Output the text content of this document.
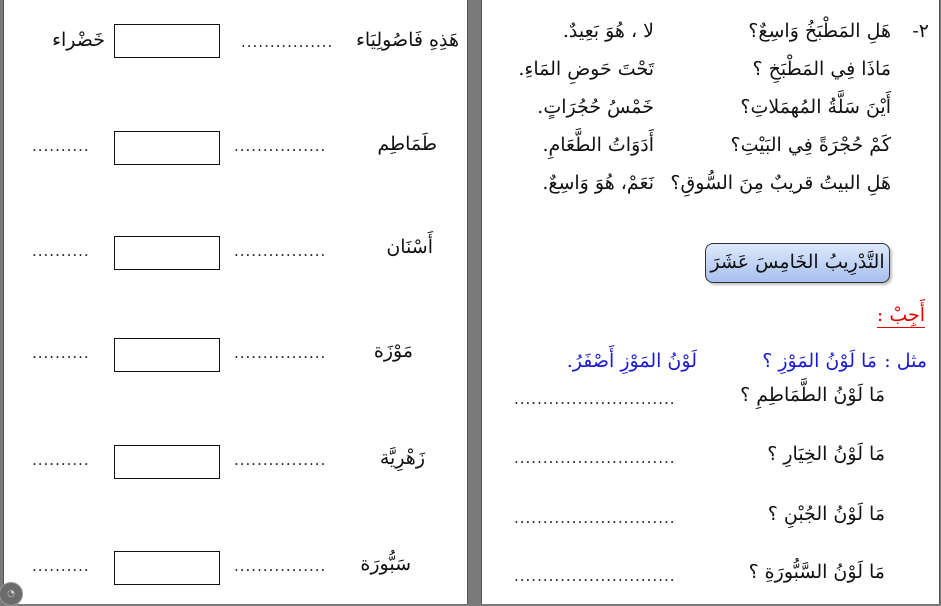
هَذِهِ فَاصُولِيَاء
................
خَضْراء
طَمَاطِم
................
..........
أَسْنَان
................
..........
مَوْزَة
................
..........
زَهْرِيَّة
................
..........
سَبُّورَة
................
..........
٢-
هَلِ المَطْبَخُ وَاسِعٌ؟
لا ، هُوَ بَعِيدٌ.
مَاذَا فِي المَطْبَخِ ؟
تَحْتَ حَوضِ المَاءِ.
أَيْنَ سَلَّةُ المُهمَلاتِ؟
خَمْسُ حُجُرَاتٍ.
كَمْ حُجْرَةً فِي البَيْتِ؟
أَدَوَاتُ الطَّعَامِ.
هَلِ البيتُ قريبٌ مِنَ السُّوقِ؟
نَعَمْ، هُوَ وَاسِعٌ.
التَّدْرِيبُ الخَامِسَ عَشَرَ
أَجِبْ :
مثل :
مَا لَوْنُ المَوْزِ ؟
لَوْنُ المَوْزِ أَصْفَرُ.
مَا لَوْنُ الطَّمَاطِمِ ؟
............................
مَا لَوْنُ الخِيَارِ ؟
............................
مَا لَوْنُ الجُبْنِ ؟
............................
مَا لَوْنُ السَّبُّورَةِ ؟
............................
◔
